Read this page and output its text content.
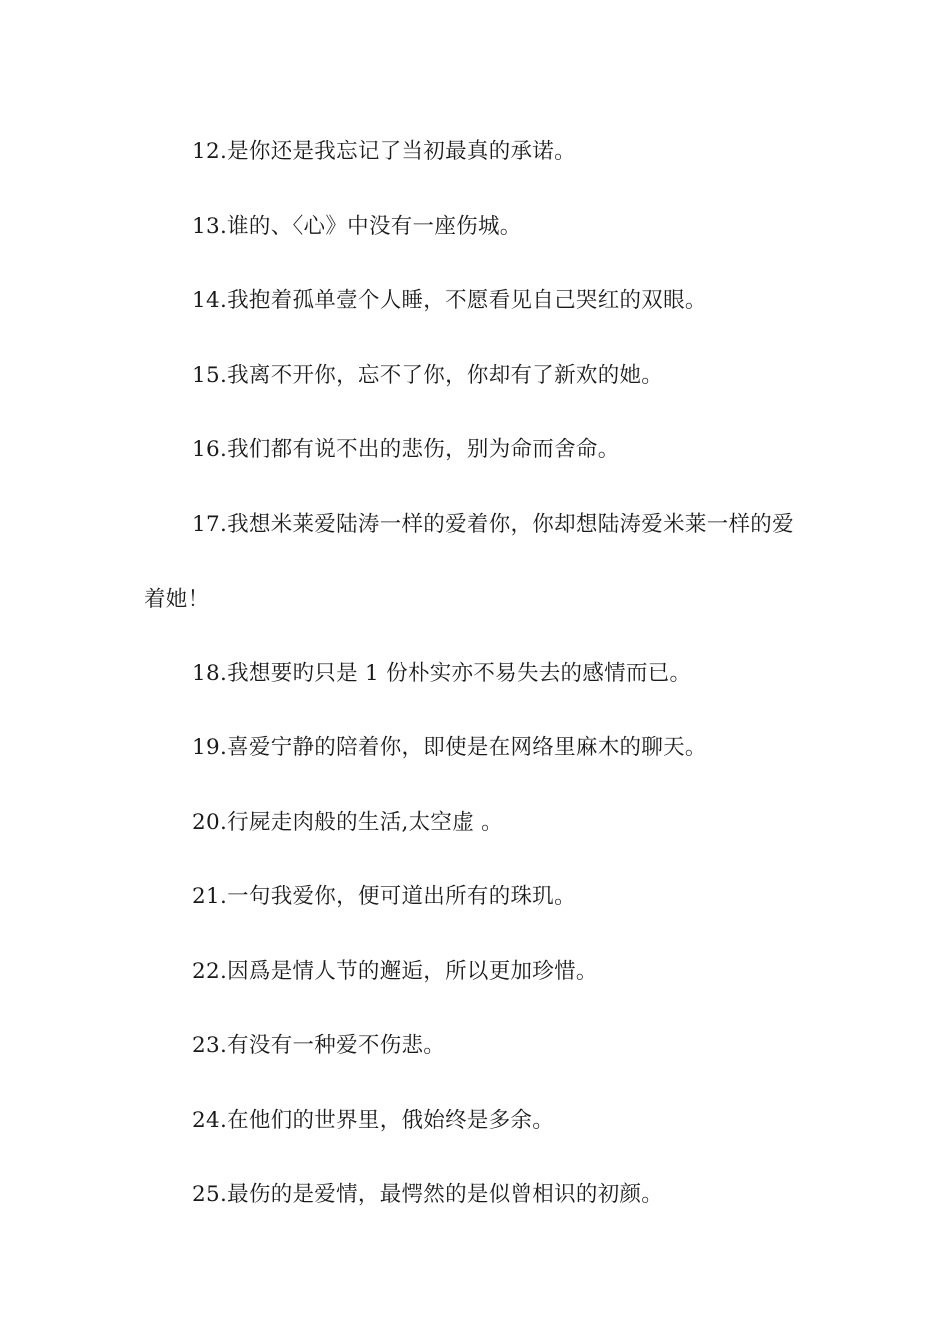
12.是你还是我忘记了当初最真的承诺。

13.谁的、〈心》中没有一座伤城。

14.我抱着孤单壹个人睡，不愿看见自己哭红的双眼。

15.我离不开你，忘不了你，你却有了新欢的她。

16.我们都有说不出的悲伤，别为命而舍命。

17.我想米莱爱陆涛一样的爱着你，你却想陆涛爱米莱一样的爱着她！

18.我想要旳只是 1 份朴实亦不易失去的感情而已。

19.喜爱宁静的陪着你，即使是在网络里麻木的聊天。

20.行屍走肉般的生活,太空虚 。

21.一句我爱你，便可道出所有的珠玑。

22.因爲是情人节的邂逅，所以更加珍惜。

23.有没有一种爱不伤悲。

24.在他们的世界里，俄始终是多余。

25.最伤的是爱情，最愕然的是似曾相识的初颜。
